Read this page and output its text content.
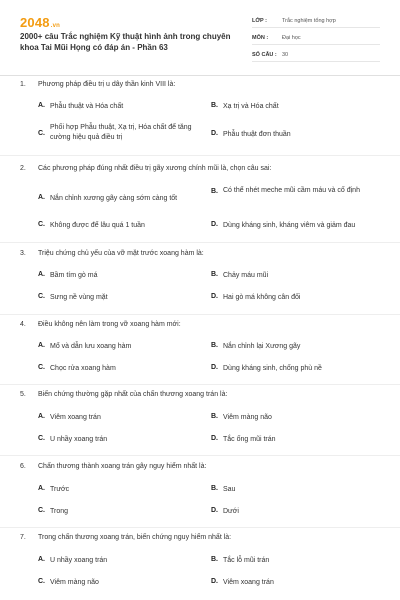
2048.vn
2000+ câu Trắc nghiệm Kỹ thuật hình ảnh trong chuyên khoa Tai Mũi Họng có đáp án - Phần 63
LỚP :	Trắc nghiệm tổng hợp
MÔN :	Đại học
SỐ CÂU : 30
1. Phương pháp điều trị u dây thần kinh VIII là:
A. Phẫu thuật và Hóa chất	B. Xạ trị và Hóa chất
C.
Phối hợp Phẫu thuật, Xạ trị, Hóa chất để tăng cường hiệu quả điều trị
D. Phẫu thuật đơn thuần
2. Các phương pháp đúng nhất điều trị gãy xương chính mũi là, chọn câu sai:
A. Nắn chỉnh xương gãy càng sớm càng tốt
B. Có thể nhét meche mũi cầm máu và cố định
C. Không được để lâu quá 1 tuần	D. Dùng kháng sinh, kháng viêm và giảm đau
3. Triệu chứng chủ yếu của vỡ mặt trước xoang hàm là:
A. Bầm tím gò má	B. Chảy máu mũi
C. Sưng nề vùng mặt	D. Hai gò má không cân đối
4. Điều không nên làm trong vỡ xoang hàm mới:
A. Mổ và dẫn lưu xoang hàm	B. Nắn chỉnh lại Xương gãy
C. Chọc rửa xoang hàm	D. Dùng kháng sinh, chống phù nề
5. Biến chứng thường gặp nhất của chấn thương xoang trán là:
A. Viêm xoang trán	B. Viêm màng não
C. U nhầy xoang trán	D. Tắc ống mũi trán
6. Chấn thương thành xoang trán gây nguy hiểm nhất là:
A. Trước	B. Sau
C. Trong	D. Dưới
7. Trong chấn thương xoang trán, biến chứng nguy hiểm nhất là:
A. U nhầy xoang trán	B. Tắc lỗ mũi trán
C. Viêm màng não	D. Viêm xoang trán
